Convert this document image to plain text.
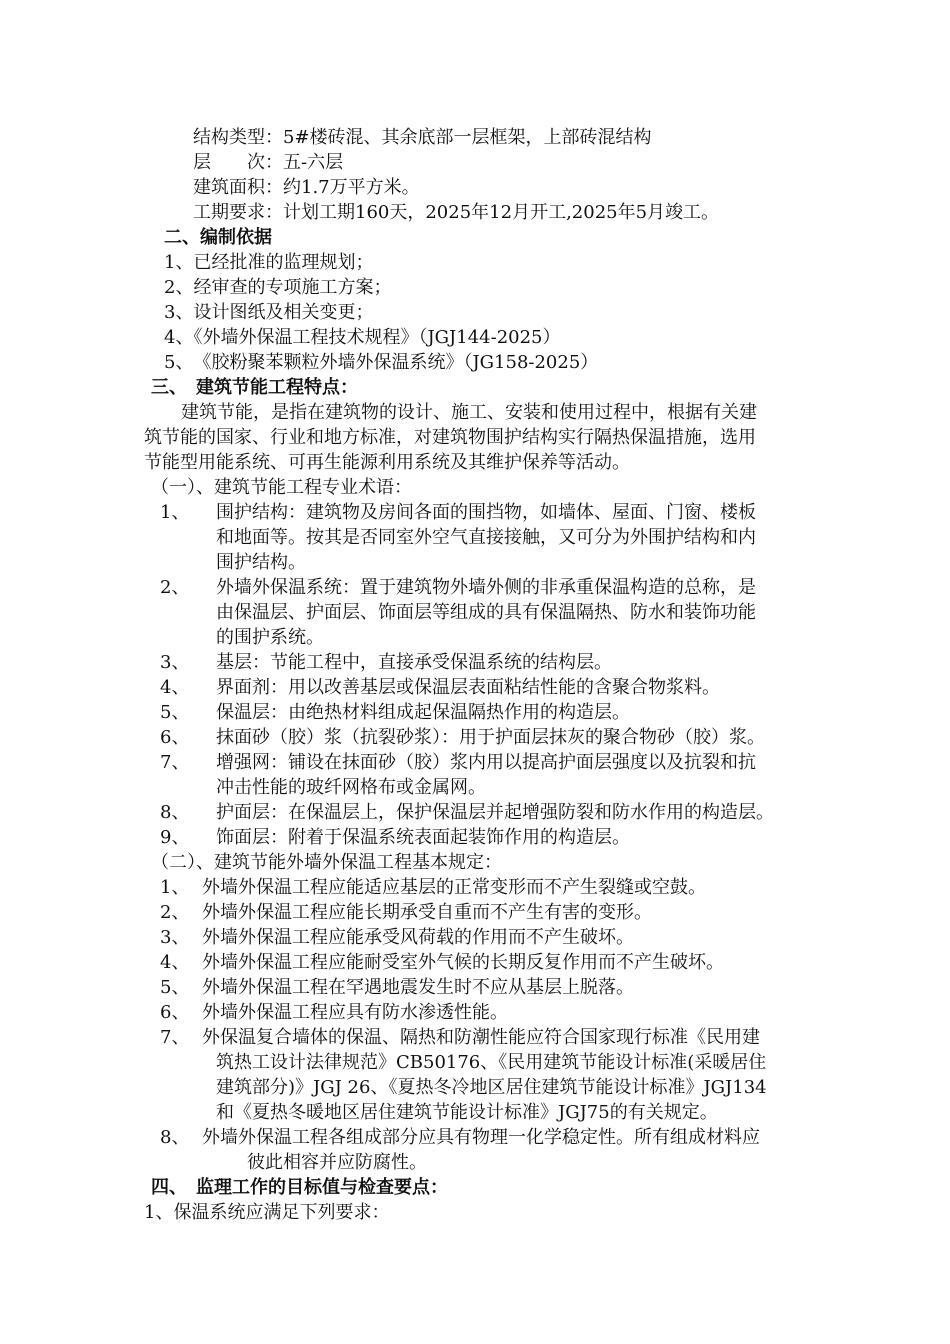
结构类型：5#楼砖混、其余底部一层框架，上部砖混结构
层　　次：五-六层
建筑面积：约1.7万平方米。
工期要求：计划工期160天，2025年12月开工,2025年5月竣工。
二、编制依据
1、已经批准的监理规划；
2、经审查的专项施工方案；
3、设计图纸及相关变更；
4、《外墙外保温工程技术规程》（JGJ144-2025）
5、　《胶粉聚苯颗粒外墙外保温系统》（JG158-2025）
三、　建筑节能工程特点：
建筑节能，是指在建筑物的设计、施工、安装和使用过程中，根据有关建
筑节能的国家、行业和地方标准，对建筑物围护结构实行隔热保温措施，选用
节能型用能系统、可再生能源利用系统及其维护保养等活动。
（一）、建筑节能工程专业术语：
1、 围护结构：建筑物及房间各面的围挡物，如墙体、屋面、门窗、楼板
和地面等。按其是否同室外空气直接接触，又可分为外围护结构和内
围护结构。
2、 外墙外保温系统：置于建筑物外墙外侧的非承重保温构造的总称，是
由保温层、护面层、饰面层等组成的具有保温隔热、防水和装饰功能
的围护系统。
3、 基层：节能工程中，直接承受保温系统的结构层。
4、 界面剂：用以改善基层或保温层表面粘结性能的含聚合物浆料。
5、 保温层：由绝热材料组成起保温隔热作用的构造层。
6、 抹面砂（胶）浆（抗裂砂浆）：用于护面层抹灰的聚合物砂（胶）浆。
7、 增强网：铺设在抹面砂（胶）浆内用以提高护面层强度以及抗裂和抗
冲击性能的玻纤网格布或金属网。
8、 护面层：在保温层上，保护保温层并起增强防裂和防水作用的构造层。
9、 饰面层：附着于保温系统表面起装饰作用的构造层。
（二）、建筑节能外墙外保温工程基本规定：
1、 外墙外保温工程应能适应基层的正常变形而不产生裂缝或空鼓。
2、 外墙外保温工程应能长期承受自重而不产生有害的变形。
3、 外墙外保温工程应能承受风荷载的作用而不产生破坏。
4、 外墙外保温工程应能耐受室外气候的长期反复作用而不产生破坏。
5、 外墙外保温工程在罕遇地震发生时不应从基层上脱落。
6、 外墙外保温工程应具有防水渗透性能。
7、 外保温复合墙体的保温、隔热和防潮性能应符合国家现行标准《民用建
筑热工设计法律规范》CB50176、《民用建筑节能设计标准(采暖居住
建筑部分)》JGJ 26、《夏热冬冷地区居住建筑节能设计标准》JGJ134
和《夏热冬暖地区居住建筑节能设计标准》JGJ75的有关规定。
8、 外墙外保温工程各组成部分应具有物理一化学稳定性。所有组成材料应
彼此相容并应防腐性。
四、　监理工作的目标值与检查要点：
1、保温系统应满足下列要求：
